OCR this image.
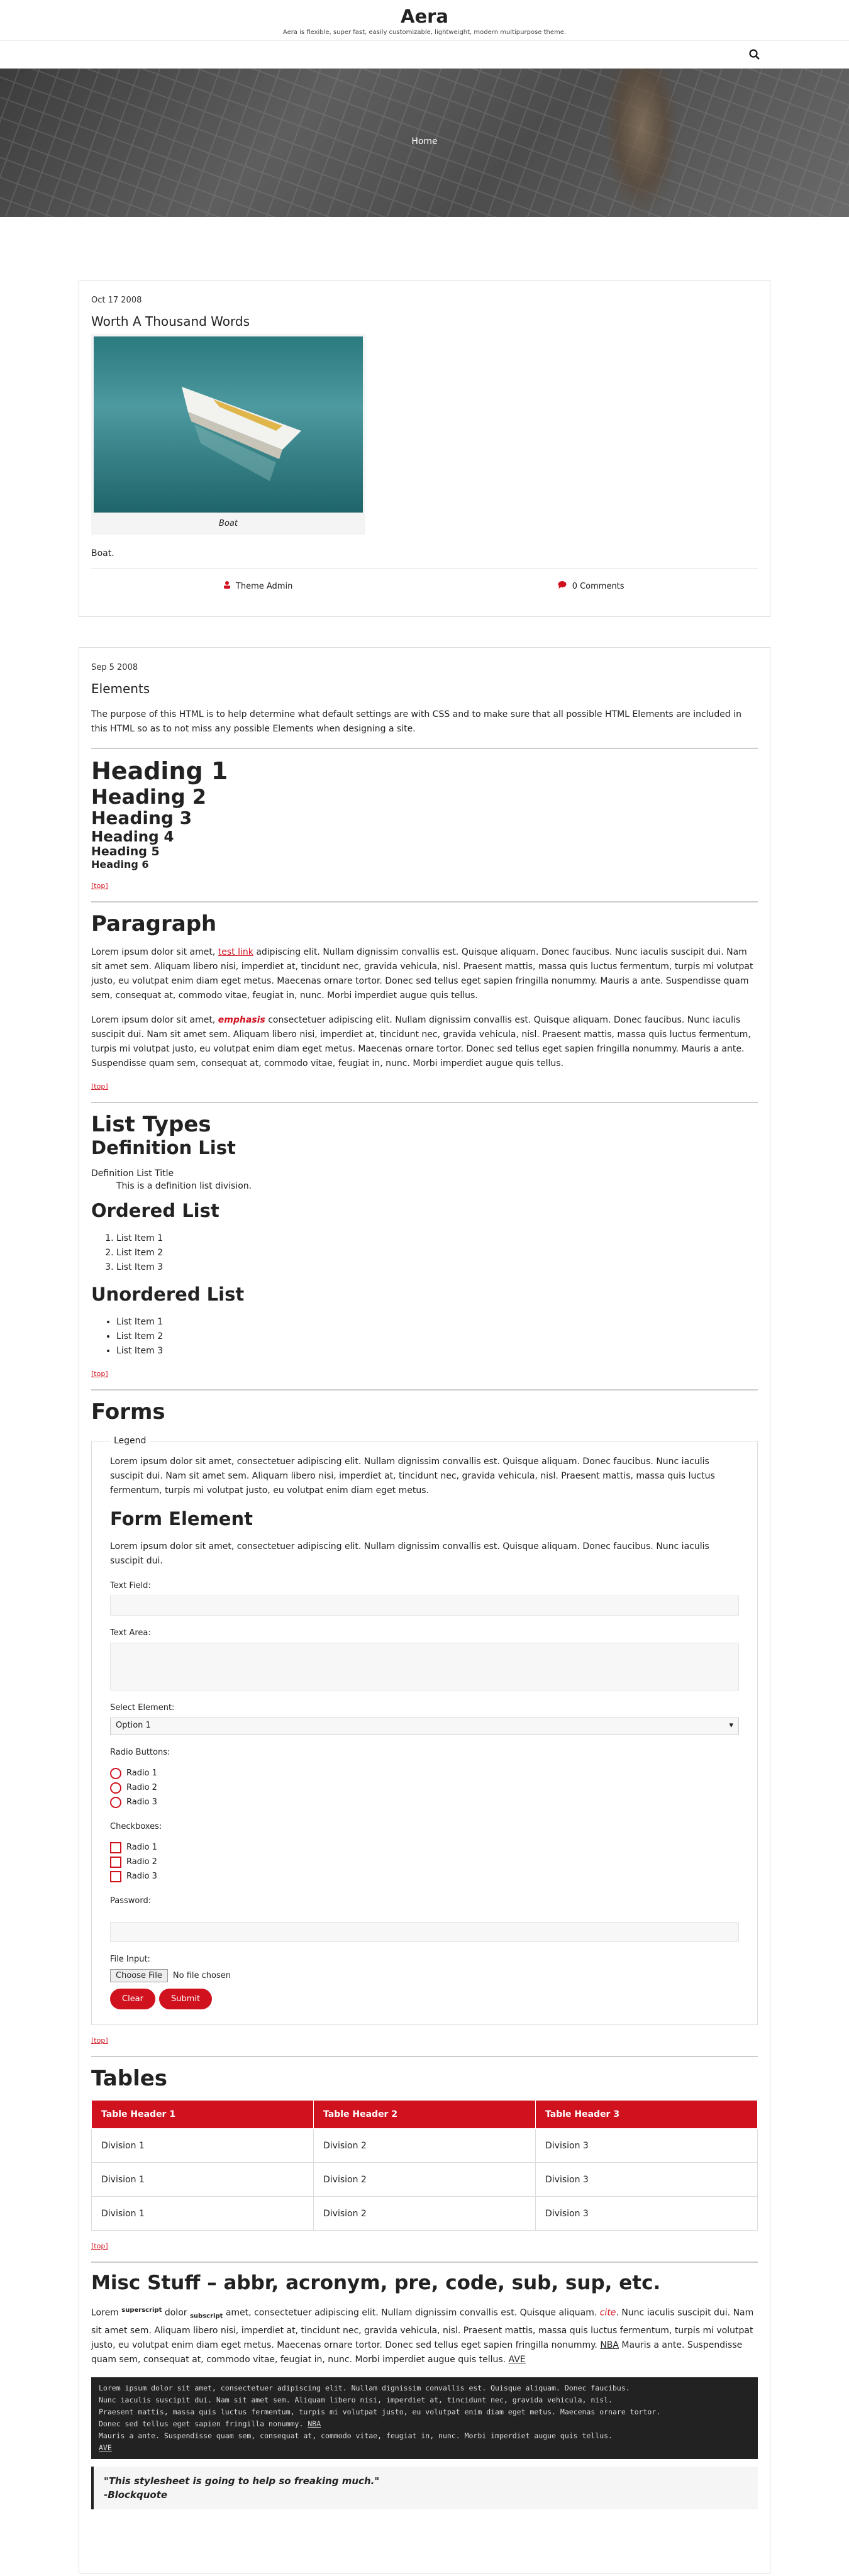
Aera
Aera is flexible, super fast, easily customizable, lightweight, modern multipurpose theme.
Home
Oct 17 2008
Worth A Thousand Words
Boat

Boat.

Theme Admin	0 Comments
Sep 5 2008
Elements

The purpose of this HTML is to help determine what default settings are with CSS and to make sure that all possible HTML Elements are included in this HTML so as to not miss any possible Elements when designing a site.

Heading 1
Heading 2
Heading 3
Heading 4
Heading 5
Heading 6
[top]
Paragraph

Lorem ipsum dolor sit amet, test link adipiscing elit. Nullam dignissim convallis est. Quisque aliquam. Donec faucibus. Nunc iaculis suscipit dui. Nam sit amet sem. Aliquam libero nisi, imperdiet at, tincidunt nec, gravida vehicula, nisl. Praesent mattis, massa quis luctus fermentum, turpis mi volutpat justo, eu volutpat enim diam eget metus. Maecenas ornare tortor. Donec sed tellus eget sapien fringilla nonummy. Mauris a ante. Suspendisse quam sem, consequat at, commodo vitae, feugiat in, nunc. Morbi imperdiet augue quis tellus.

Lorem ipsum dolor sit amet, emphasis consectetuer adipiscing elit. Nullam dignissim convallis est. Quisque aliquam. Donec faucibus. Nunc iaculis suscipit dui. Nam sit amet sem. Aliquam libero nisi, imperdiet at, tincidunt nec, gravida vehicula, nisl. Praesent mattis, massa quis luctus fermentum, turpis mi volutpat justo, eu volutpat enim diam eget metus. Maecenas ornare tortor. Donec sed tellus eget sapien fringilla nonummy. Mauris a ante. Suspendisse quam sem, consequat at, commodo vitae, feugiat in, nunc. Morbi imperdiet augue quis tellus.

[top]
List Types
Definition List
Definition List Title
This is a definition list division.
Ordered List
1. List Item 1
2. List Item 2
3. List Item 3
Unordered List
• List Item 1
• List Item 2
• List Item 3
[top]
Forms
Legend

Lorem ipsum dolor sit amet, consectetuer adipiscing elit. Nullam dignissim convallis est. Quisque aliquam. Donec faucibus. Nunc iaculis suscipit dui. Nam sit amet sem. Aliquam libero nisi, imperdiet at, tincidunt nec, gravida vehicula, nisl. Praesent mattis, massa quis luctus fermentum, turpis mi volutpat justo, eu volutpat enim diam eget metus.

Form Element

Lorem ipsum dolor sit amet, consectetuer adipiscing elit. Nullam dignissim convallis est. Quisque aliquam. Donec faucibus. Nunc iaculis suscipit dui.

Text Field:
Text Area:
Select Element:
Option 1	▾
Radio Buttons:
Radio 1
Radio 2
Radio 3
Checkboxes:
Radio 1
Radio 2
Radio 3
Password:
File Input:
Choose File	No file chosen
Clear	Submit
[top]
Tables
Table Header 1	Table Header 2	Table Header 3
Division 1	Division 2	Division 3
Division 1	Division 2	Division 3
Division 1	Division 2	Division 3
[top]
Misc Stuff – abbr, acronym, pre, code, sub, sup, etc.

Lorem $^{superscript}$ dolor $_{subscript}$ amet, consectetuer adipiscing elit. Nullam dignissim convallis est. Quisque aliquam. cite. Nunc iaculis suscipit dui. Nam sit amet sem. Aliquam libero nisi, imperdiet at, tincidunt nec, gravida vehicula, nisl. Praesent mattis, massa quis luctus fermentum, turpis mi volutpat justo, eu volutpat enim diam eget metus. Maecenas ornare tortor. Donec sed tellus eget sapien fringilla nonummy. NBA Mauris a ante. Suspendisse quam sem, consequat at, commodo vitae, feugiat in, nunc. Morbi imperdiet augue quis tellus. AVE

Lorem ipsum dolor sit amet, consectetuer adipiscing elit. Nullam dignissim convallis est. Quisque aliquam. Donec faucibus.
Nunc iaculis suscipit dui. Nam sit amet sem. Aliquam libero nisi, imperdiet at, tincidunt nec, gravida vehicula, nisl.
Praesent mattis, massa quis luctus fermentum, turpis mi volutpat justo, eu volutpat enim diam eget metus. Maecenas ornare tortor.
Donec sed tellus eget sapien fringilla nonummy. NBA
Mauris a ante. Suspendisse quam sem, consequat at, commodo vitae, feugiat in, nunc. Morbi imperdiet augue quis tellus.
AVE
"This stylesheet is going to help so freaking much."
-Blockquote
